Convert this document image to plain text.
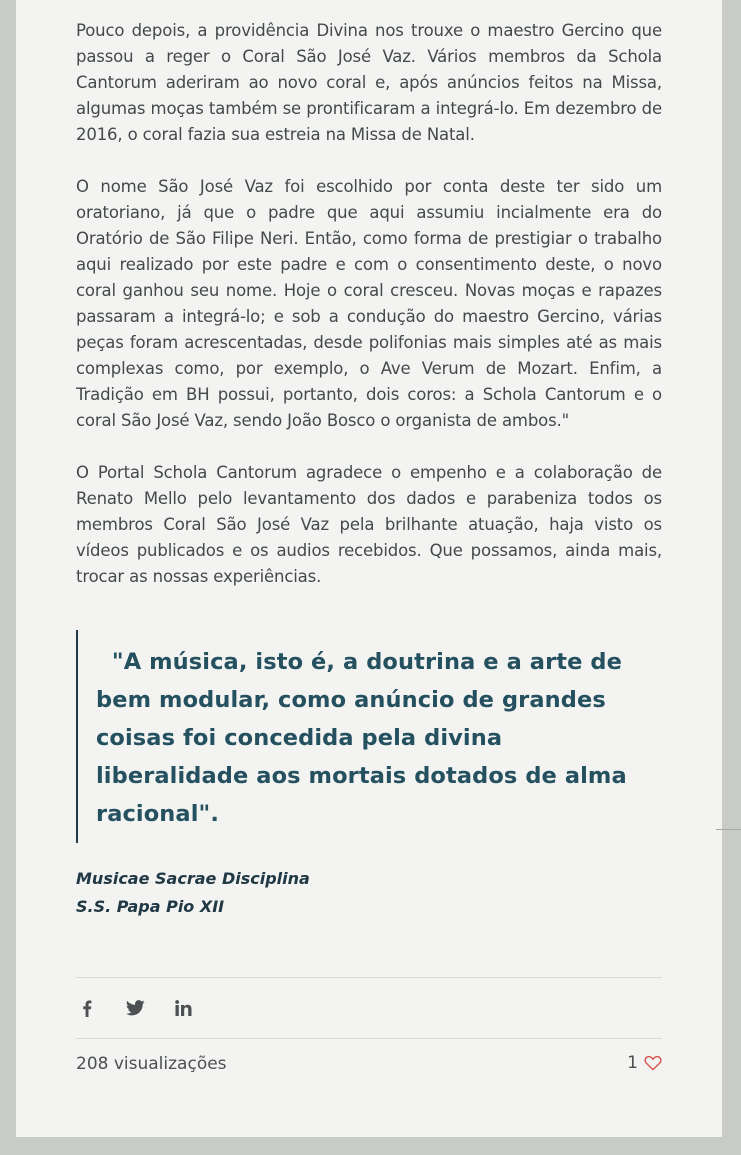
Pouco depois, a providência Divina nos trouxe o maestro Gercino que passou a reger o Coral São José Vaz. Vários membros da Schola Cantorum aderiram ao novo coral e, após anúncios feitos na Missa, algumas moças também se prontificaram a integrá-lo. Em dezembro de 2016, o coral fazia sua estreia na Missa de Natal.

O nome São José Vaz foi escolhido por conta deste ter sido um oratoriano, já que o padre que aqui assumiu incialmente era do Oratório de São Filipe Neri. Então, como forma de prestigiar o trabalho aqui realizado por este padre e com o consentimento deste, o novo coral ganhou seu nome. Hoje o coral cresceu. Novas moças e rapazes passaram a integrá-lo; e sob a condução do maestro Gercino, várias peças foram acrescentadas, desde polifonias mais simples até as mais complexas como, por exemplo, o Ave Verum de Mozart. Enfim, a Tradição em BH possui, portanto, dois coros: a Schola Cantorum e o coral São José Vaz, sendo João Bosco o organista de ambos."

O Portal Schola Cantorum agradece o empenho e a colaboração de Renato Mello pelo levantamento dos dados e parabeniza todos os membros Coral São José Vaz pela brilhante atuação, haja visto os vídeos publicados e os audios recebidos. Que possamos, ainda mais, trocar as nossas experiências.

"A música, isto é, a doutrina e a arte de bem modular, como anúncio de grandes coisas foi concedida pela divina liberalidade aos mortais dotados de alma racional".

Musicae Sacrae Disciplina
S.S. Papa Pio XII
208 visualizações	1
